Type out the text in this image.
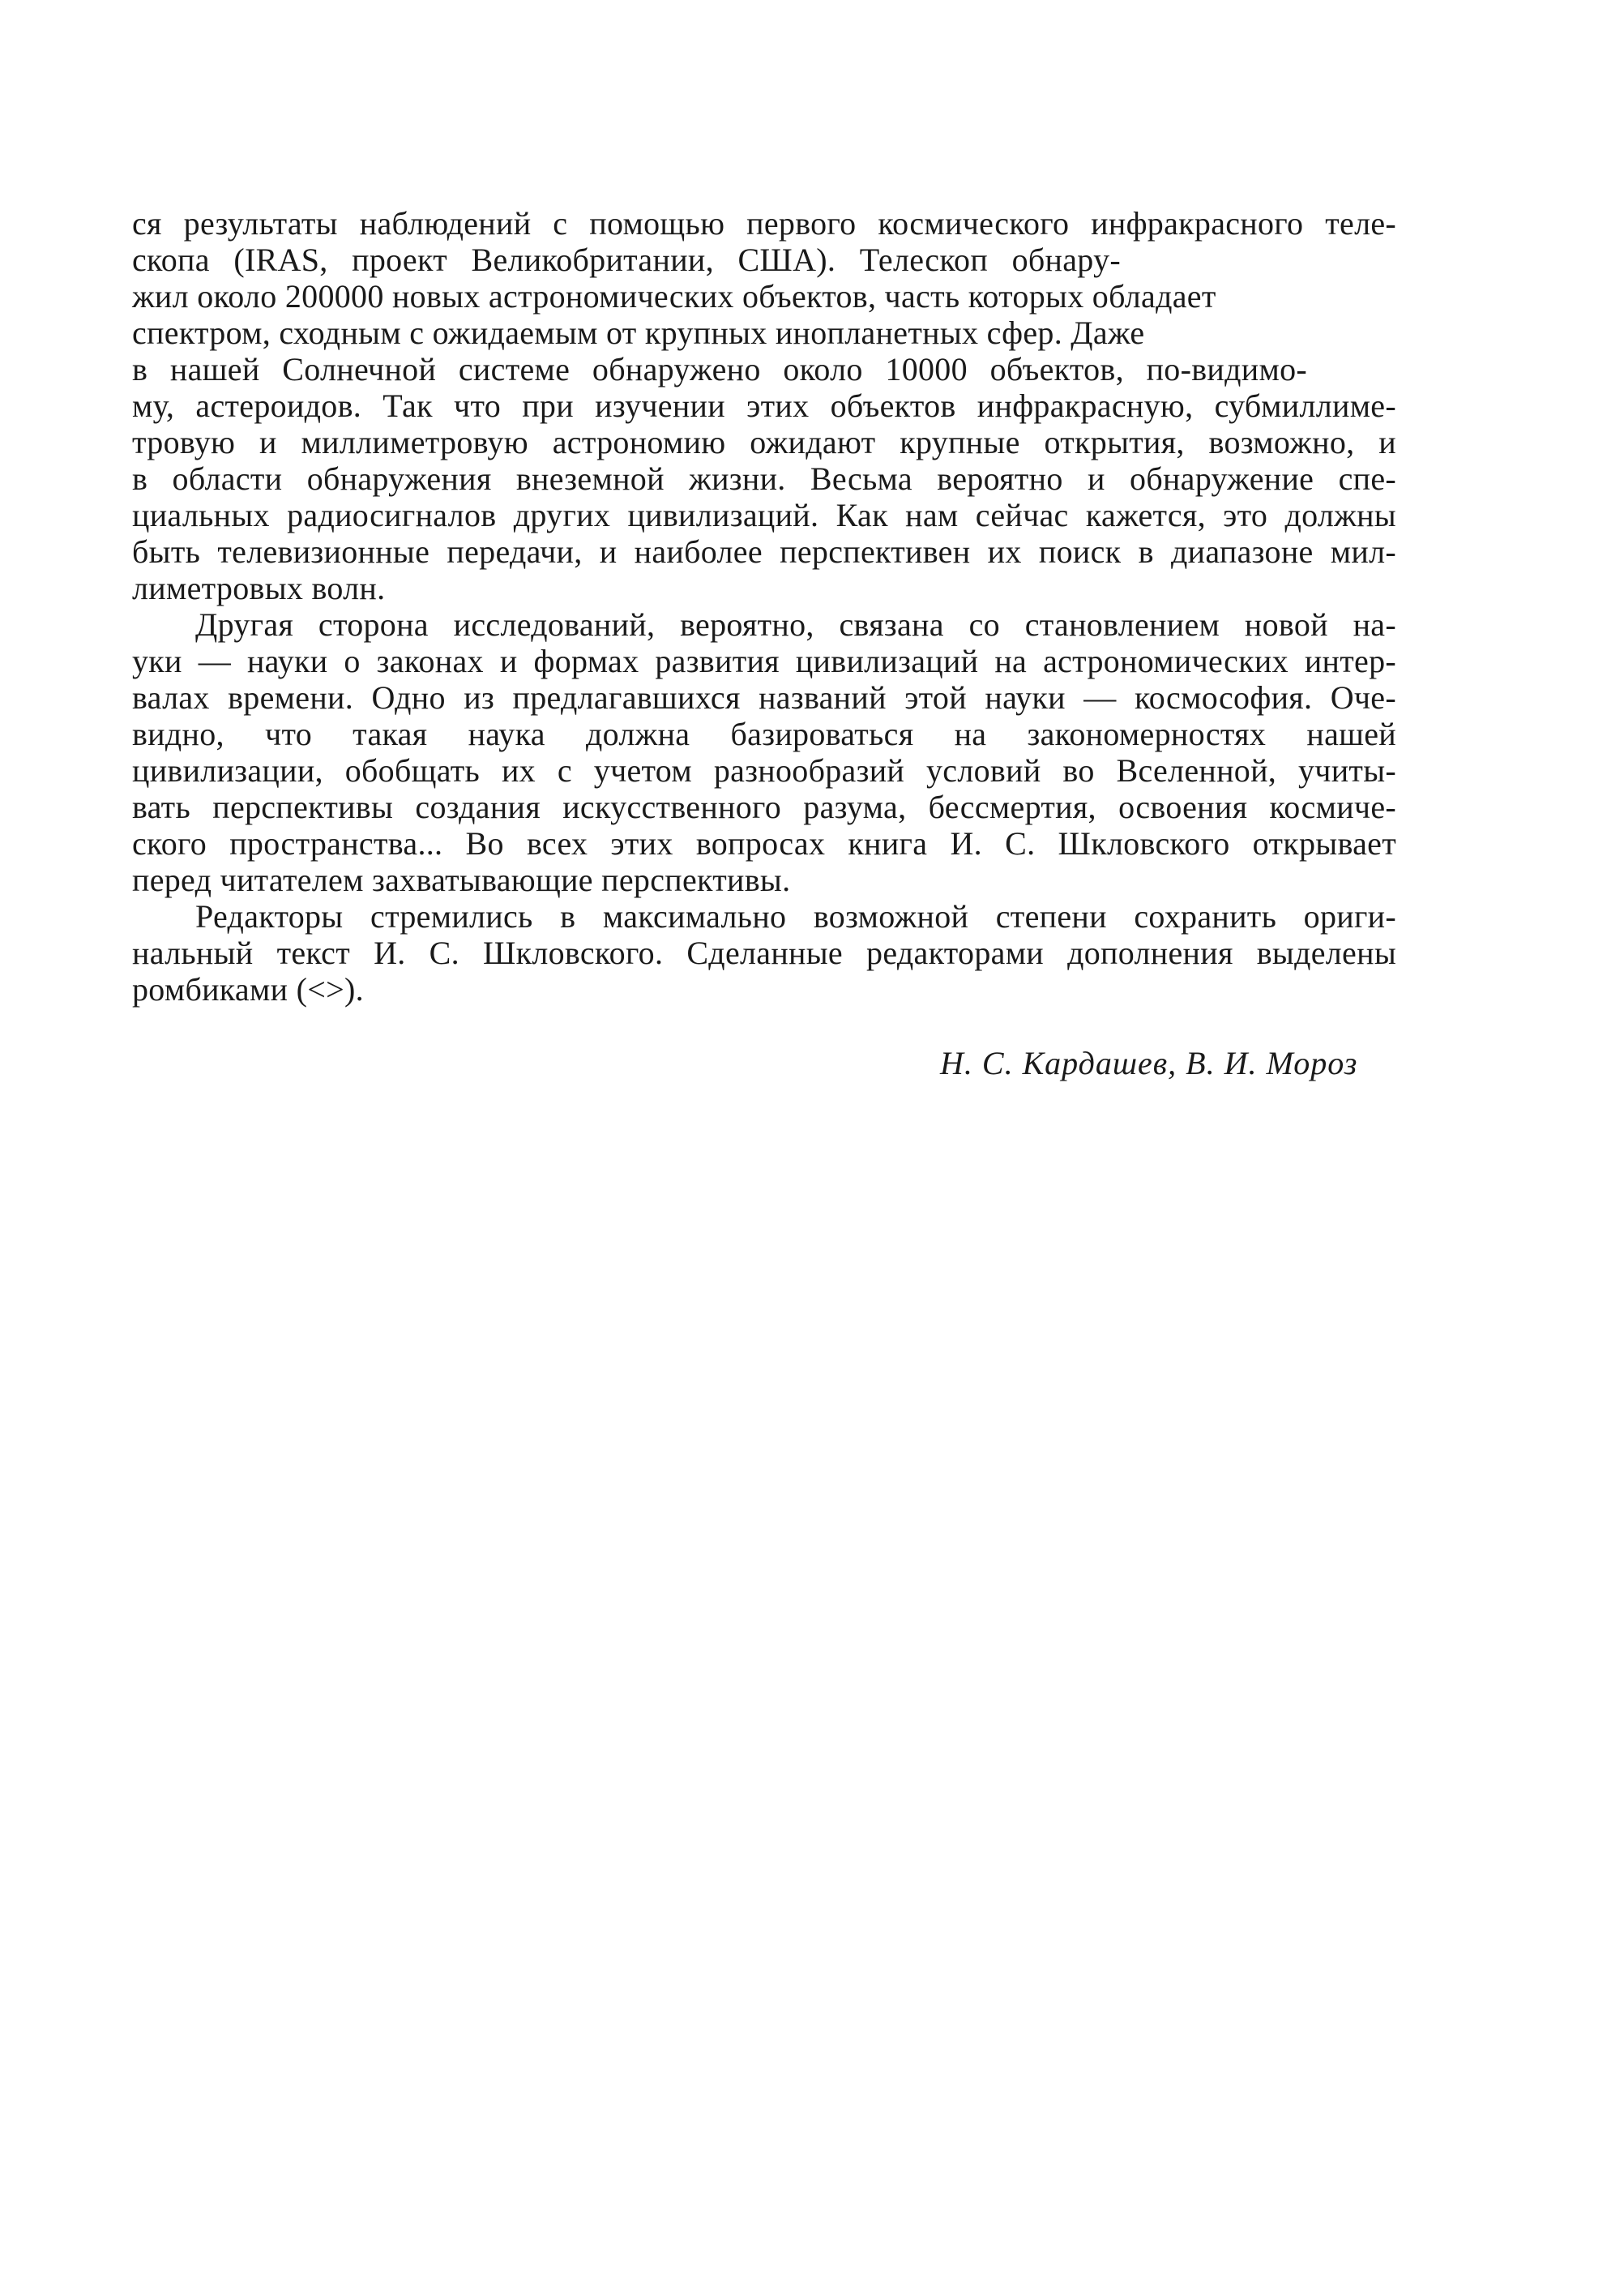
ся результаты наблюдений с помощью первого космического инфракрасного теле-
скопа (IRAS, проект Великобритании, США). Телескоп обнару-
жил около 200000 новых астрономических объектов, часть которых обладает
спектром, сходным с ожидаемым от крупных инопланетных сфер. Даже
в нашей Солнечной системе обнаружено около 10000 объектов, по-видимо-
му, астероидов. Так что при изучении этих объектов инфракрасную, субмиллиме-
тровую и миллиметровую астрономию ожидают крупные открытия, возможно, и
в области обнаружения внеземной жизни. Весьма вероятно и обнаружение спе-
циальных радиосигналов других цивилизаций. Как нам сейчас кажется, это должны
быть телевизионные передачи, и наиболее перспективен их поиск в диапазоне мил-
лиметровых волн.
Другая сторона исследований, вероятно, связана со становлением новой на-
уки — науки о законах и формах развития цивилизаций на астрономических интер-
валах времени. Одно из предлагавшихся названий этой науки — космософия. Оче-
видно, что такая наука должна базироваться на закономерностях нашей
цивилизации, обобщать их с учетом разнообразий условий во Вселенной, учиты-
вать перспективы создания искусственного разума, бессмертия, освоения космиче-
ского пространства... Во всех этих вопросах книга И. С. Шкловского открывает
перед читателем захватывающие перспективы.
Редакторы стремились в максимально возможной степени сохранить ориги-
нальный текст И. С. Шкловского. Сделанные редакторами дополнения выделены
ромбиками (<>).
Н. С. Кардашев, В. И. Мороз
